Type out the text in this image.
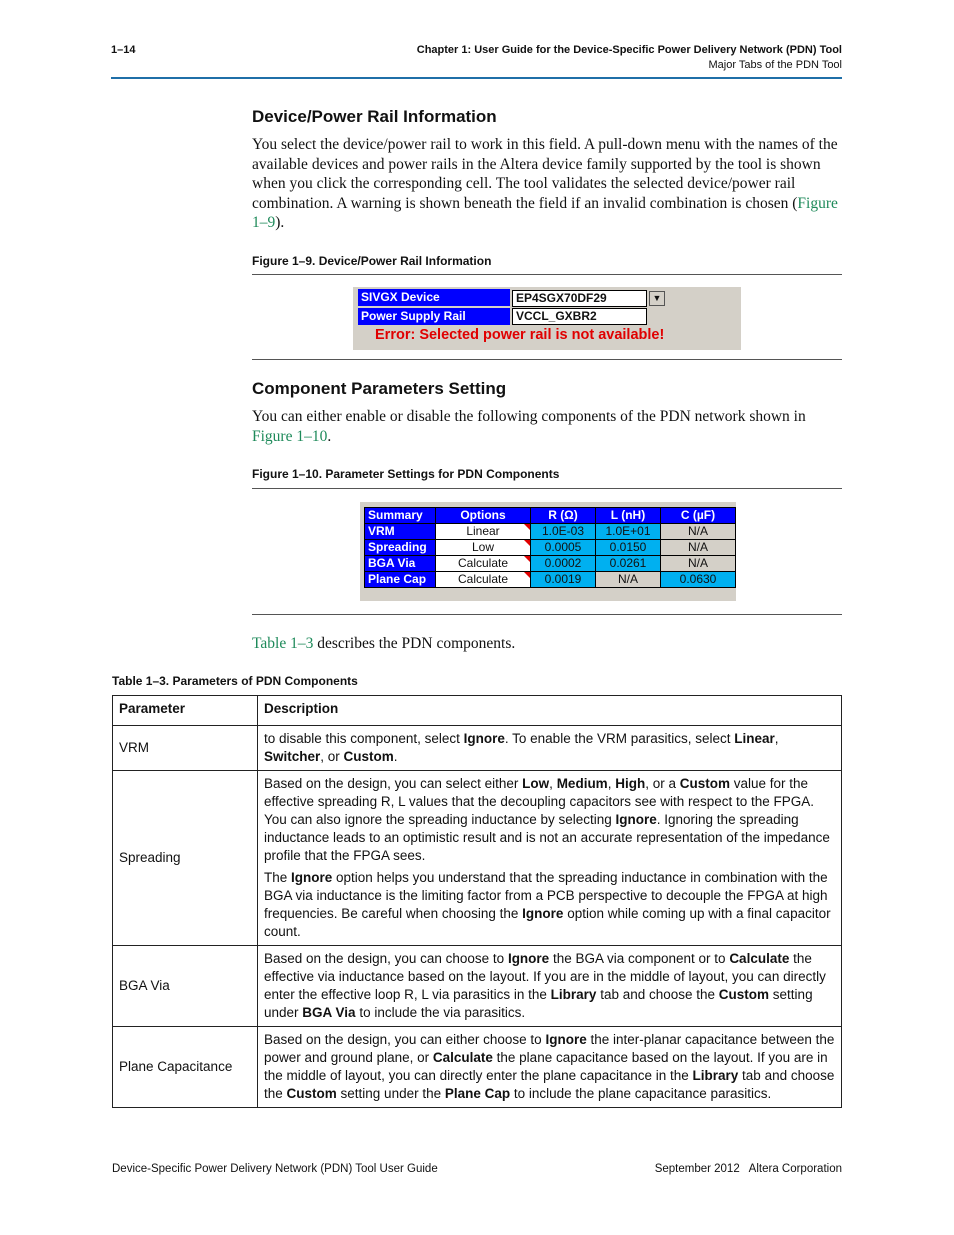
1–14	Chapter 1: User Guide for the Device-Specific Power Delivery Network (PDN) Tool
Major Tabs of the PDN Tool
Device/Power Rail Information
You select the device/power rail to work in this field. A pull-down menu with the names of the available devices and power rails in the Altera device family supported by the tool is shown when you click the corresponding cell. The tool validates the selected device/power rail combination. A warning is shown beneath the field if an invalid combination is chosen (Figure 1–9).
Figure 1–9. Device/Power Rail Information
SIVGX Device	EP4SGX70DF29	▼
Power Supply Rail	VCCL_GXBR2
Error: Selected power rail is not available!
Component Parameters Setting
You can either enable or disable the following components of the PDN network shown in Figure 1–10.
Figure 1–10. Parameter Settings for PDN Components
Summary	Options	R (Ω)	L (nH)	C (µF)
VRM	Linear	1.0E-03	1.0E+01	N/A
Spreading	Low	0.0005	0.0150	N/A
BGA Via	Calculate	0.0002	0.0261	N/A
Plane Cap	Calculate	0.0019	N/A	0.0630
Table 1–3 describes the PDN components.
Table 1–3. Parameters of PDN Components
Parameter	Description
VRM	to disable this component, select Ignore. To enable the VRM parasitics, select Linear, Switcher, or Custom.
Spreading	Based on the design, you can select either Low, Medium, High, or a Custom value for the effective spreading R, L values that the decoupling capacitors see with respect to the FPGA. You can also ignore the spreading inductance by selecting Ignore. Ignoring the spreading inductance leads to an optimistic result and is not an accurate representation of the impedance profile that the FPGA sees.

The Ignore option helps you understand that the spreading inductance in combination with the BGA via inductance is the limiting factor from a PCB perspective to decouple the FPGA at high frequencies. Be careful when choosing the Ignore option while coming up with a final capacitor count.

BGA Via	Based on the design, you can choose to Ignore the BGA via component or to Calculate the effective via inductance based on the layout. If you are in the middle of layout, you can directly enter the effective loop R, L via parasitics in the Library tab and choose the Custom setting under BGA Via to include the via parasitics.
Plane Capacitance	Based on the design, you can either choose to Ignore the inter-planar capacitance between the power and ground plane, or Calculate the plane capacitance based on the layout. If you are in the middle of layout, you can directly enter the plane capacitance in the Library tab and choose the Custom setting under the Plane Cap to include the plane capacitance parasitics.
Device-Specific Power Delivery Network (PDN) Tool User Guide	September 2012   Altera Corporation
